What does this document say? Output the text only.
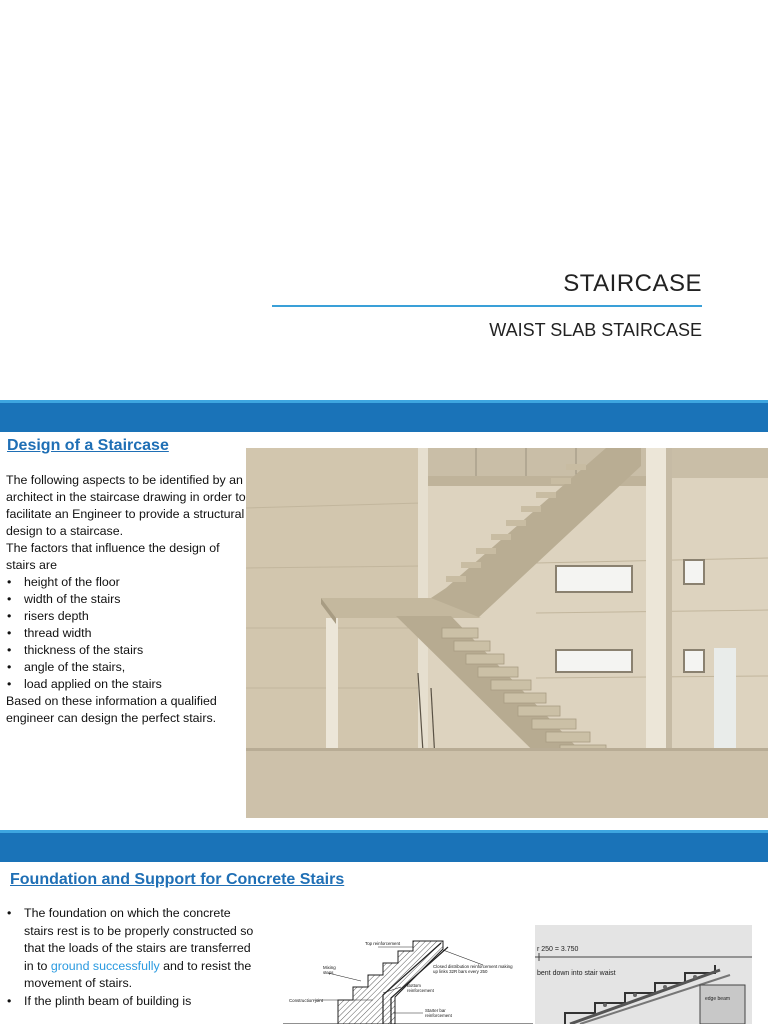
STAIRCASE
WAIST SLAB STAIRCASE
Design of a Staircase

The following aspects to be identified by an architect in the staircase drawing in order to facilitate an Engineer to provide a structural design to a staircase.

The factors that influence the design of stairs are

• height of the floor
• width of the stairs
• risers depth
• thread width
• thickness of the stairs
• angle of the stairs,
• load applied on the stairs

Based on these information a qualified engineer can design the perfect stairs.

Foundation and Support for Concrete Stairs
• The foundation on which the concrete stairs rest is to be properly constructed so that the loads of the stairs are transferred in to ground successfully and to resist the movement of stairs.
• If the plinth beam of building is
Top reinforcement
Closed distribution reinforcement making
up links 32R bars every 250
Mixing
steps
Bottom
reinforcement
Construction joint
Starter bar
reinforcement
r 250 = 3.750
bent down into stair waist
edge beam
